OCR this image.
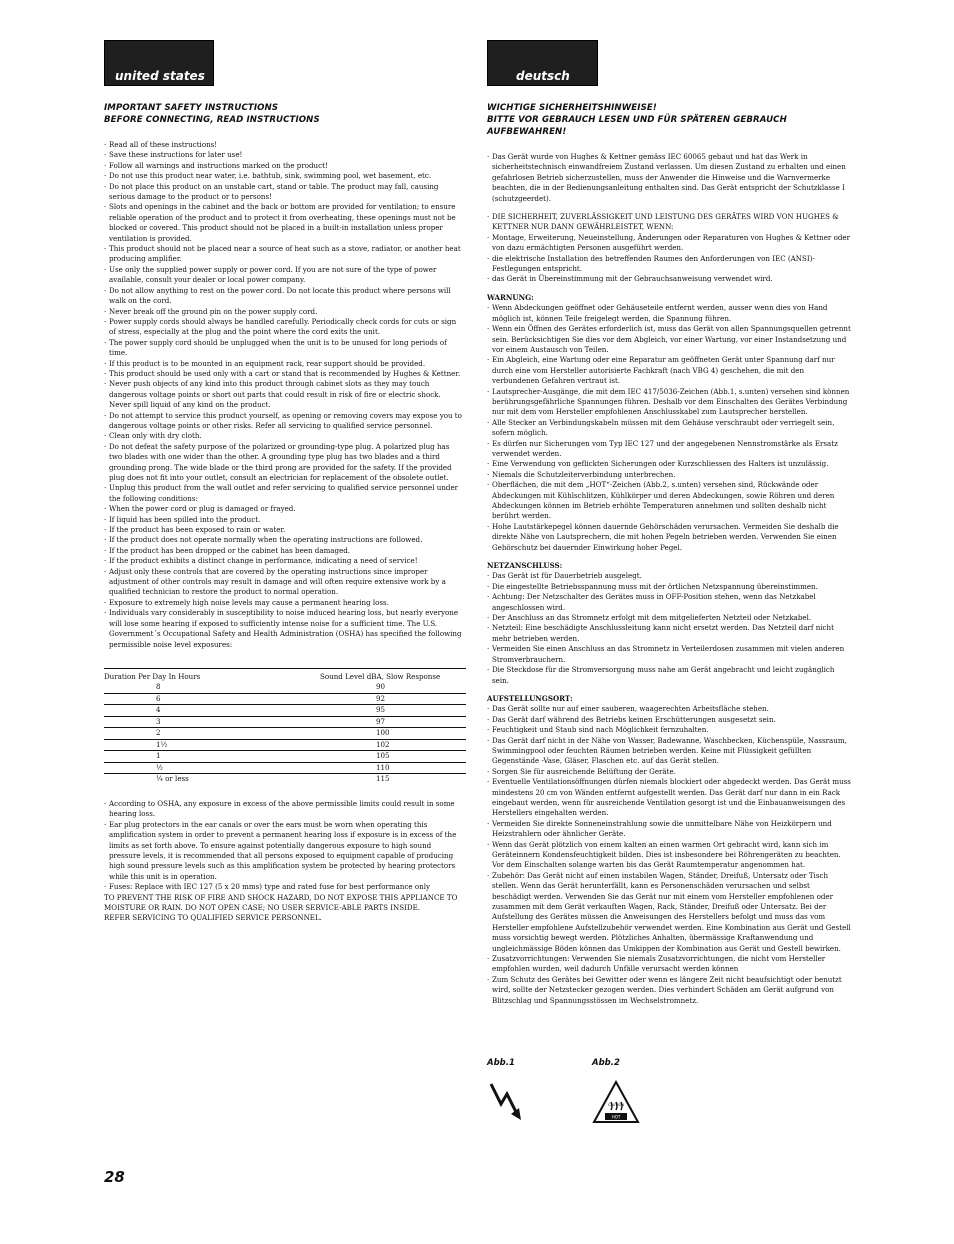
united states
IMPORTANT SAFETY INSTRUCTIONS
BEFORE CONNECTING, READ INSTRUCTIONS
· Read all of these instructions!
· Save these instructions for later use!
· Follow all warnings and instructions marked on the product!
· Do not use this product near water, i.e. bathtub, sink, swimming pool, wet basement, etc.
· Do not place this product on an unstable cart, stand or table. The product may fall, causing serious damage to the product or to persons!
· Slots and openings in the cabinet and the back or bottom are provided for ventilation; to ensure reliable operation of the product and to protect it from overheating, these openings must not be blocked or covered. This product should not be placed in a built-in installation unless proper ventilation is provided.
· This product should not be placed near a source of heat such as a stove, radiator, or another heat producing amplifier.
· Use only the supplied power supply or power cord. If you are not sure of the type of power available, consult your dealer or local power company.
· Do not allow anything to rest on the power cord. Do not locate this product where persons will walk on the cord.
· Never break off the ground pin on the power supply cord.
· Power supply cords should always be handled carefully. Periodically check cords for cuts or sign of stress, especially at the plug and the point where the cord exits the unit.
· The power supply cord should be unplugged when the unit is to be unused for long periods of time.
· If this product is to be mounted in an equipment rack, rear support should be provided.
· This product should be used only with a cart or stand that is recommended by Hughes & Kettner.
· Never push objects of any kind into this product through cabinet slots as they may touch dangerous voltage points or short out parts that could result in risk of fire or electric shock. Never spill liquid of any kind on the product.
· Do not attempt to service this product yourself, as opening or removing covers may expose you to dangerous voltage points or other risks. Refer all servicing to qualified service personnel.
· Clean only with dry cloth.
· Do not defeat the safety purpose of the polarized or grounding-type plug. A polarized plug has two blades with one wider than the other. A grounding type plug has two blades and a third grounding prong. The wide blade or the third prong are provided for the safety. If the provided plug does not fit into your outlet, consult an electrician for replacement of the obsolete outlet.
· Unplug this product from the wall outlet and refer servicing to qualified service personnel under the following conditions:
· When the power cord or plug is damaged or frayed.
· If liquid has been spilled into the product.
· If the product has been exposed to rain or water.
· If the product does not operate normally when the operating instructions are followed.
· If the product has been dropped or the cabinet has been damaged.
· If the product exhibits a distinct change in performance, indicating a need of service!
· Adjust only these controls that are covered by the operating instructions since improper adjustment of other controls may result in damage and will often require extensive work by a qualified technician to restore the product to normal operation.
· Exposure to extremely high noise levels may cause a permanent hearing loss.
· Individuals vary considerably in susceptibility to noise induced hearing loss, but nearly everyone will lose some hearing if exposed to sufficiently intense noise for a sufficient time. The U.S. Government´s Occupational Safety and Health Administration (OSHA) has specified the following permissible noise level exposures:
Duration Per Day In Hours	Sound Level dBA, Slow Response
8	90
6	92
4	95
3	97
2	100
1½	102
1	105
½	110
¼ or less	115
· According to OSHA, any exposure in excess of the above permissible limits could result in some hearing loss.
· Ear plug protectors in the ear canals or over the ears must be worn when operating this amplification system in order to prevent a permanent hearing loss if exposure is in excess of the limits as set forth above. To ensure against potentially dangerous exposure to high sound pressure levels, it is recommended that all persons exposed to equipment capable of producing high sound pressure levels such as this amplification system be protected by hearing protectors while this unit is in operation.
· Fuses: Replace with IEC 127 (5 x 20 mms) type and rated fuse for best performance only
TO PREVENT THE RISK OF FIRE AND SHOCK HAZARD, DO NOT EXPOSE THIS APPLIANCE TO MOISTURE OR RAIN. DO NOT OPEN CASE; NO USER SERVICE-ABLE PARTS INSIDE.
REFER SERVICING TO QUALIFIED SERVICE PERSONNEL.
deutsch
WICHTIGE SICHERHEITSHINWEISE!
BITTE VOR GEBRAUCH LESEN UND FÜR SPÄTEREN GEBRAUCH
AUFBEWAHREN!
· Das Gerät wurde von Hughes & Kettner gemäss IEC 60065 gebaut und hat das Werk in sicherheitstechnisch einwandfreiem Zustand verlassen. Um diesen Zustand zu erhalten und einen gefahrlosen Betrieb sicherzustellen, muss der Anwender die Hinweise und die Warnvermerke beachten, die in der Bedienungsanleitung enthalten sind. Das Gerät entspricht der Schutzklasse I (schutzgeerdet).
· DIE SICHERHEIT, ZUVERLÄSSIGKEIT UND LEISTUNG DES GERÄTES WIRD VON HUGHES & KETTNER NUR DANN GEWÄHRLEISTET, WENN:
· Montage, Erweiterung, Neueinstellung, Änderungen oder Reparaturen von Hughes & Kettner oder von dazu ermächtigten Personen ausgeführt werden.
· die elektrische Installation des betreffenden Raumes den Anforderungen von IEC (ANSI)-Festlegungen entspricht.
· das Gerät in Übereinstimmung mit der Gebrauchsanweisung verwendet wird.
WARNUNG:
· Wenn Abdeckungen geöffnet oder Gehäuseteile entfernt werden, ausser wenn dies von Hand möglich ist, können Teile freigelegt werden, die Spannung führen.
· Wenn ein Öffnen des Gerätes erforderlich ist, muss das Gerät von allen Spannungsquellen getrennt sein. Berücksichtigen Sie dies vor dem Abgleich, vor einer Wartung, vor einer Instandsetzung und vor einem Austausch von Teilen.
· Ein Abgleich, eine Wartung oder eine Reparatur am geöffneten Gerät unter Spannung darf nur durch eine vom Hersteller autorisierte Fachkraft (nach VBG 4) geschehen, die mit den verbundenen Gefahren vertraut ist.
· Lautsprecher-Ausgänge, die mit dem IEC 417/5036-Zeichen (Abb.1, s.unten) versehen sind können berührungsgefährliche Spannungen führen. Deshalb vor dem Einschalten des Gerätes Verbindung nur mit dem vom Hersteller empfohlenen Anschlusskabel zum Lautsprecher herstellen.
· Alle Stecker an Verbindungskabeln müssen mit dem Gehäuse verschraubt oder verriegelt sein, sofern möglich.
· Es dürfen nur Sicherungen vom Typ IEC 127 und der angegebenen Nennstromstärke als Ersatz verwendet werden.
· Eine Verwendung von geflickten Sicherungen oder Kurzschliessen des Halters ist unzulässig.
· Niemals die Schutzleiterverbindung unterbrechen.
· Oberflächen, die mit dem „HOT“-Zeichen (Abb.2, s.unten) versehen sind, Rückwände oder Abdeckungen mit Kühlschlitzen, Kühlkörper und deren Abdeckungen, sowie Röhren und deren Abdeckungen können im Betrieb erhöhte Temperaturen annehmen und sollten deshalb nicht berührt werden.
· Hohe Lautstärkepegel können dauernde Gehörschäden verursachen. Vermeiden Sie deshalb die direkte Nähe von Lautsprechern, die mit hohen Pegeln betrieben werden. Verwenden Sie einen Gehörschutz bei dauernder Einwirkung hoher Pegel.
NETZANSCHLUSS:
· Das Gerät ist für Dauerbetrieb ausgelegt.
· Die eingestellte Betriebsspannung muss mit der örtlichen Netzspannung übereinstimmen.
· Achtung: Der Netzschalter des Gerätes muss in OFF-Position stehen, wenn das Netzkabel angeschlossen wird.
· Der Anschluss an das Stromnetz erfolgt mit dem mitgelieferten Netzteil oder Netzkabel.
· Netzteil: Eine beschädigte Anschlussleitung kann nicht ersetzt werden. Das Netzteil darf nicht mehr betrieben werden.
· Vermeiden Sie einen Anschluss an das Stromnetz in Verteilerdosen zusammen mit vielen anderen Stromverbrauchern.
· Die Steckdose für die Stromversorgung muss nahe am Gerät angebracht und leicht zugänglich sein.
AUFSTELLUNGSORT:
· Das Gerät sollte nur auf einer sauberen, waagerechten Arbeitsfläche stehen.
· Das Gerät darf während des Betriebs keinen Erschütterungen ausgesetzt sein.
· Feuchtigkeit und Staub sind nach Möglichkeit fernzuhalten.
· Das Gerät darf nicht in der Nähe von Wasser, Badewanne, Waschbecken, Küchenspüle, Nassraum, Swimmingpool oder feuchten Räumen betrieben werden. Keine mit Flüssigkeit gefüllten Gegenstände -Vase, Gläser, Flaschen etc. auf das Gerät stellen.
· Sorgen Sie für ausreichende Belüftung der Geräte.
· Eventuelle Ventilationsöffnungen dürfen niemals blockiert oder abgedeckt werden. Das Gerät muss mindestens 20 cm von Wänden entfernt aufgestellt werden. Das Gerät darf nur dann in ein Rack eingebaut werden, wenn für ausreichende Ventilation gesorgt ist und die Einbauanweisungen des Herstellers eingehalten werden.
· Vermeiden Sie direkte Sonneneinstrahlung sowie die unmittelbare Nähe von Heizkörpern und Heizstrahlern oder ähnlicher Geräte.
· Wenn das Gerät plötzlich von einem kalten an einen warmen Ort gebracht wird, kann sich im Geräteinnern Kondensfeuchtigkeit bilden. Dies ist insbesondere bei Röhrengeräten zu beachten. Vor dem Einschalten solange warten bis das Gerät Raumtemperatur angenommen hat.
· Zubehör: Das Gerät nicht auf einen instabilen Wagen, Ständer, Dreifuß, Untersatz oder Tisch stellen. Wenn das Gerät herunterfällt, kann es Personenschäden verursachen und selbst beschädigt werden. Verwenden Sie das Gerät nur mit einem vom Hersteller empfohlenen oder zusammen mit dem Gerät verkauften Wagen, Rack, Ständer, Dreifuß oder Untersatz. Bei der Aufstellung des Gerätes müssen die Anweisungen des Herstellers befolgt und muss das vom Hersteller empfohlene Aufstellzubehör verwendet werden. Eine Kombination aus Gerät und Gestell muss vorsichtig bewegt werden. Plötzliches Anhalten, übermässige Kraftanwendung und ungleichmässige Böden können das Umkippen der Kombination aus Gerät und Gestell bewirken.
· Zusatzvorrichtungen: Verwenden Sie niemals Zusatzvorrichtungen, die nicht vom Hersteller empfohlen wurden, weil dadurch Unfälle verursacht werden können
· Zum Schutz des Gerätes bei Gewitter oder wenn es längere Zeit nicht beaufsichtigt oder benutzt wird, sollte der Netzstecker gezogen werden. Dies verhindert Schäden am Gerät aufgrund von Blitzschlag und Spannungsstössen im Wechselstromnetz.
Abb.1	Abb.2
CAUTION
HOT
28
